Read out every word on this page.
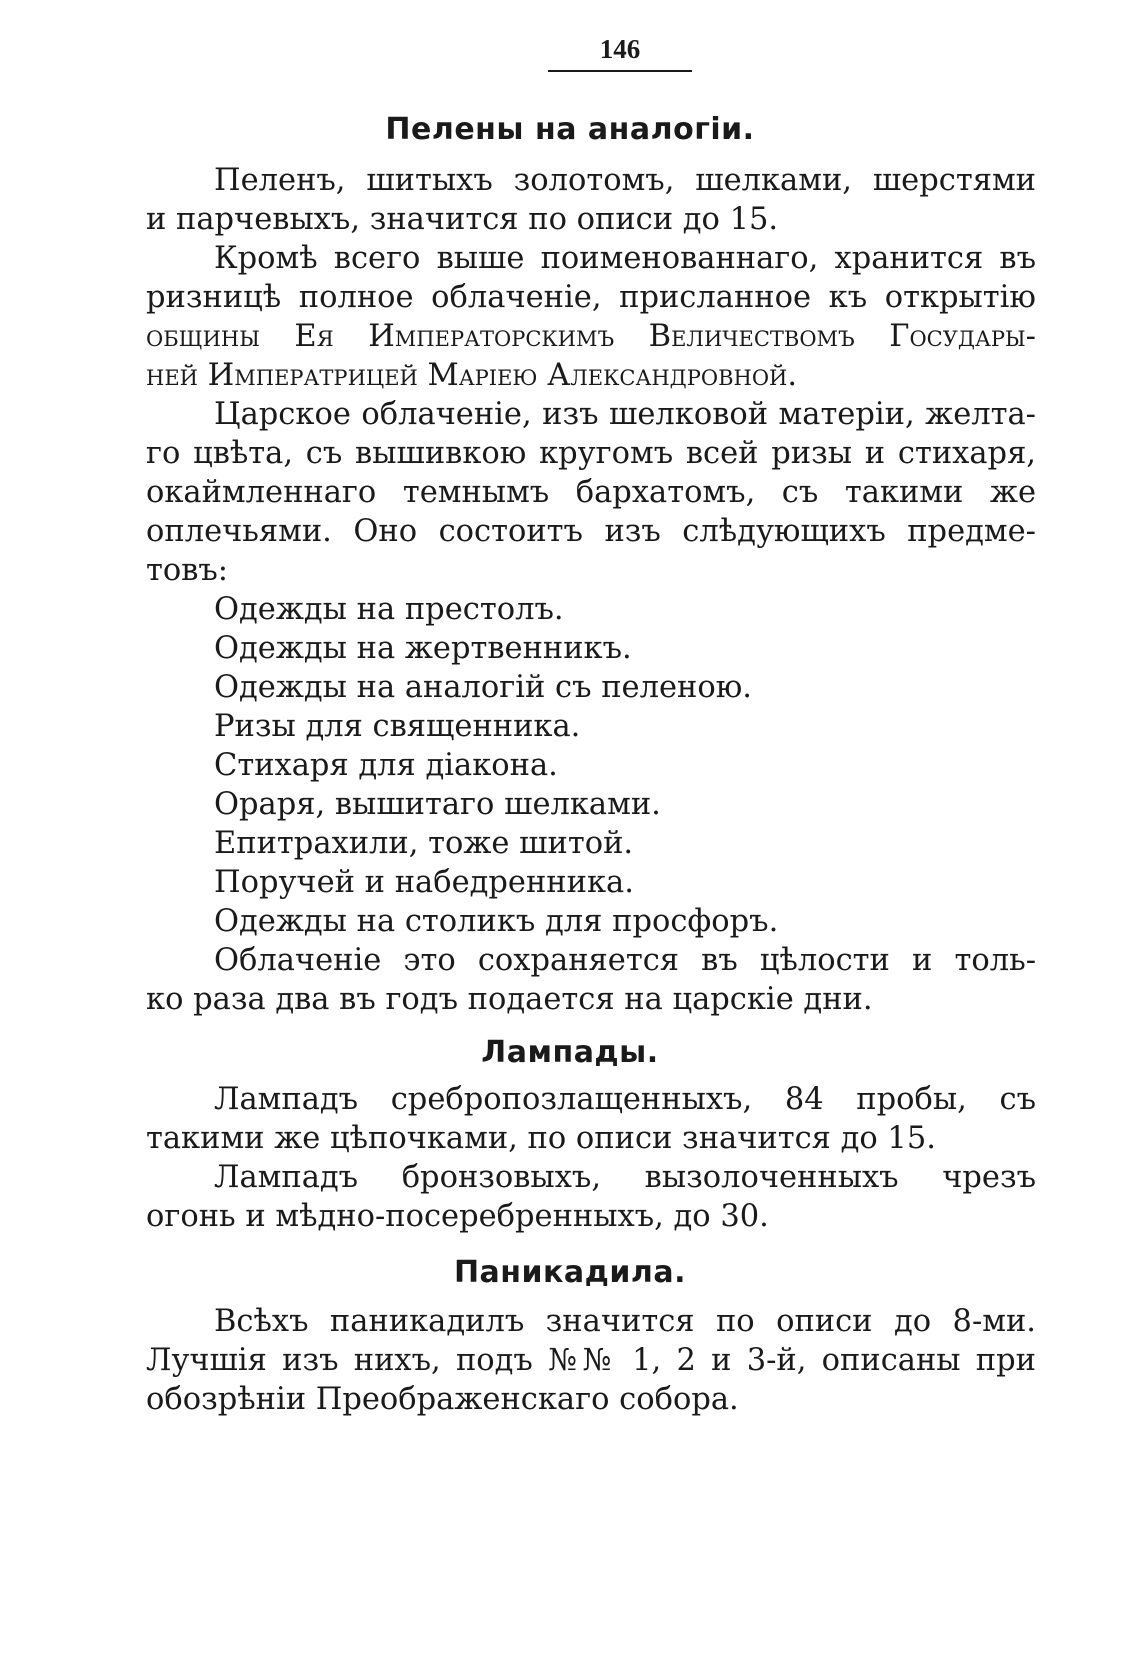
146
Пелены на аналогіи.
Пеленъ, шитыхъ золотомъ, шелками, шерстями
и парчевыхъ, значится по описи до 15.
Кромѣ всего выше поименованнаго, хранится въ
ризницѣ полное облаченіе, присланное къ открытію
общины Ея Императорскимъ Величествомъ Государы-
ней Императрицей Маріею Александровной.
Царское облаченіе, изъ шелковой матеріи, желта-
го цвѣта, съ вышивкою кругомъ всей ризы и стихаря,
окаймленнаго темнымъ бархатомъ, съ такими же
оплечьями. Оно состоитъ изъ слѣдующихъ предме-
товъ:
Одежды на престолъ.
Одежды на жертвенникъ.
Одежды на аналогій съ пеленою.
Ризы для священника.
Стихаря для діакона.
Ораря, вышитаго шелками.
Епитрахили, тоже шитой.
Поручей и набедренника.
Одежды на столикъ для просфоръ.
Облаченіе это сохраняется въ цѣлости и толь-
ко раза два въ годъ подается на царскіе дни.
Лампады.
Лампадъ сребропозлащенныхъ, 84 пробы, съ
такими же цѣпочками, по описи значится до 15.
Лампадъ бронзовыхъ, вызолоченныхъ чрезъ
огонь и мѣдно-посеребренныхъ, до 30.
Паникадила.
Всѣхъ паникадилъ значится по описи до 8-ми.
Лучшія изъ нихъ, подъ №№ 1, 2 и 3-й, описаны при
обозрѣніи Преображенскаго собора.
